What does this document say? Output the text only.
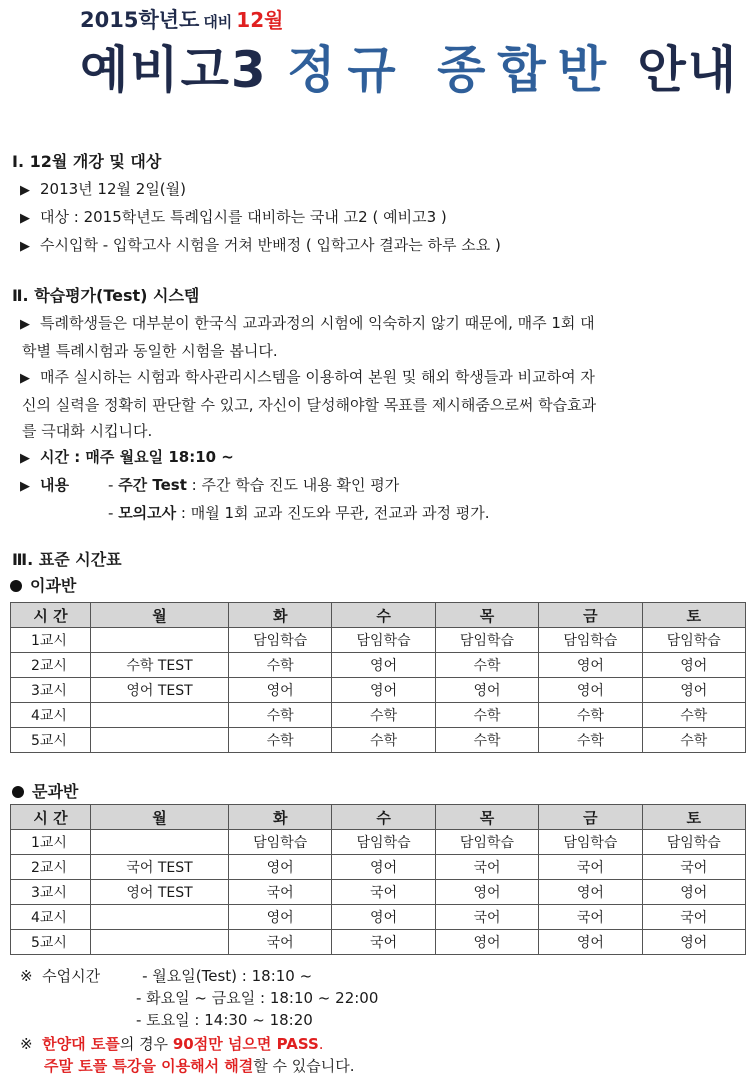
2015학년도 대비 12월
예비고3 정규 종합반 안내
Ⅰ. 12월 개강 및 대상
▶ 2013년 12월 2일(월)
▶ 대상 : 2015학년도 특례입시를 대비하는 국내 고2 ( 예비고3 )
▶ 수시입학 - 입학고사 시험을 거쳐 반배정 ( 입학고사 결과는 하루 소요 )
Ⅱ. 학습평가(Test) 시스템
▶ 특례학생들은 대부분이 한국식 교과과정의 시험에 익숙하지 않기 때문에, 매주 1회 대
학별 특례시험과 동일한 시험을 봅니다.
▶ 매주 실시하는 시험과 학사관리시스템을 이용하여 본원 및 해외 학생들과 비교하여 자
신의 실력을 정확히 판단할 수 있고, 자신이 달성해야할 목표를 제시해줌으로써 학습효과
를 극대화 시킵니다.
▶ 시간 : 매주 월요일 18:10 ~
▶ 내용	- 주간 Test : 주간 학습 진도 내용 확인 평가
- 모의고사 : 매월 1회 교과 진도와 무관, 전교과 과정 평가.
Ⅲ. 표준 시간표
이과반
시 간	월	화	수	목	금	토
1교시		담임학습	담임학습	담임학습	담임학습	담임학습
2교시	수학 TEST	수학	영어	수학	영어	영어
3교시	영어 TEST	영어	영어	영어	영어	영어
4교시		수학	수학	수학	수학	수학
5교시		수학	수학	수학	수학	수학
문과반
시 간	월	화	수	목	금	토
1교시		담임학습	담임학습	담임학습	담임학습	담임학습
2교시	국어 TEST	영어	영어	국어	국어	국어
3교시	영어 TEST	국어	국어	영어	영어	영어
4교시		영어	영어	국어	국어	국어
5교시		국어	국어	영어	영어	영어
※ 수업시간	- 월요일(Test) : 18:10 ~
- 화요일 ~ 금요일 : 18:10 ~ 22:00
- 토요일 : 14:30 ~ 18:20
※ 한양대 토플의 경우 90점만 넘으면 PASS.
주말 토플 특강을 이용해서 해결할 수 있습니다.
